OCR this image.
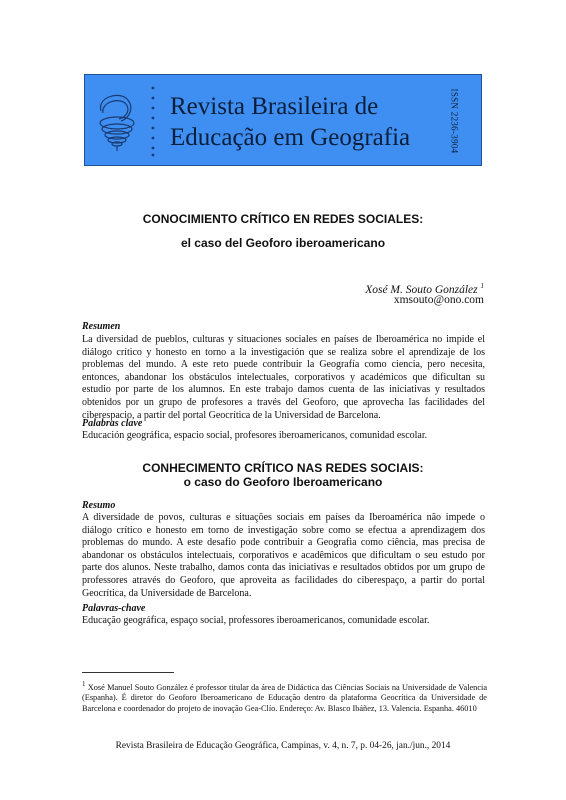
Revista Brasileira de
Educação em Geografia	ISSN 2236-3904
CONOCIMIENTO CRÍTICO EN REDES SOCIALES:
el caso del Geoforo iberoamericano
Xosé M. Souto González $^1$
xmsouto@ono.com
Resumen

La diversidad de pueblos, culturas y situaciones sociales en países de Iberoamérica no impide el diálogo crítico y honesto en torno a la investigación que se realiza sobre el aprendizaje de los problemas del mundo. A este reto puede contribuir la Geografía como ciencia, pero necesita, entonces, abandonar los obstáculos intelectuales, corporativos y académicos que dificultan su estudio por parte de los alumnos. En este trabajo damos cuenta de las iniciativas y resultados obtenidos por un grupo de profesores a través del Geoforo, que aprovecha las facilidades del ciberespacio, a partir del portal Geocrítica de la Universidad de Barcelona.

Palabras clave

Educación geográfica, espacio social, profesores iberoamericanos, comunidad escolar.

CONHECIMENTO CRÍTICO NAS REDES SOCIAIS:
o caso do Geoforo Iberoamericano
Resumo

A diversidade de povos, culturas e situações sociais em países da Iberoamérica não impede o diálogo crítico e honesto em torno de investigação sobre como se efectua a aprendizagem dos problemas do mundo. A este desafio pode contribuir a Geografia como ciência, mas precisa de abandonar os obstáculos intelectuais, corporativos e acadêmicos que dificultam o seu estudo por parte dos alunos. Neste trabalho, damos conta das iniciativas e resultados obtidos por um grupo de professores através do Geoforo, que aproveita as facilidades do ciberespaço, a partir do portal Geocrítica, da Universidade de Barcelona.

Palavras-chave

Educação geográfica, espaço social, professores iberoamericanos, comunidade escolar.

$^1$ Xosé Manuel Souto González é professor titular da área de Didáctica das Ciências Sociais na Universidade de Valencia (Espanha). É diretor do Geoforo Iberoamericano de Educação dentro da plataforma Geocrítica da Universidade de Barcelona e coordenador do projeto de inovação Gea-Clío. Endereço: Av. Blasco Ibáñez, 13. Valencia. Espanha. 46010

Revista Brasileira de Educação Geográfica, Campinas, v. 4, n. 7, p. 04-26, jan./jun., 2014
